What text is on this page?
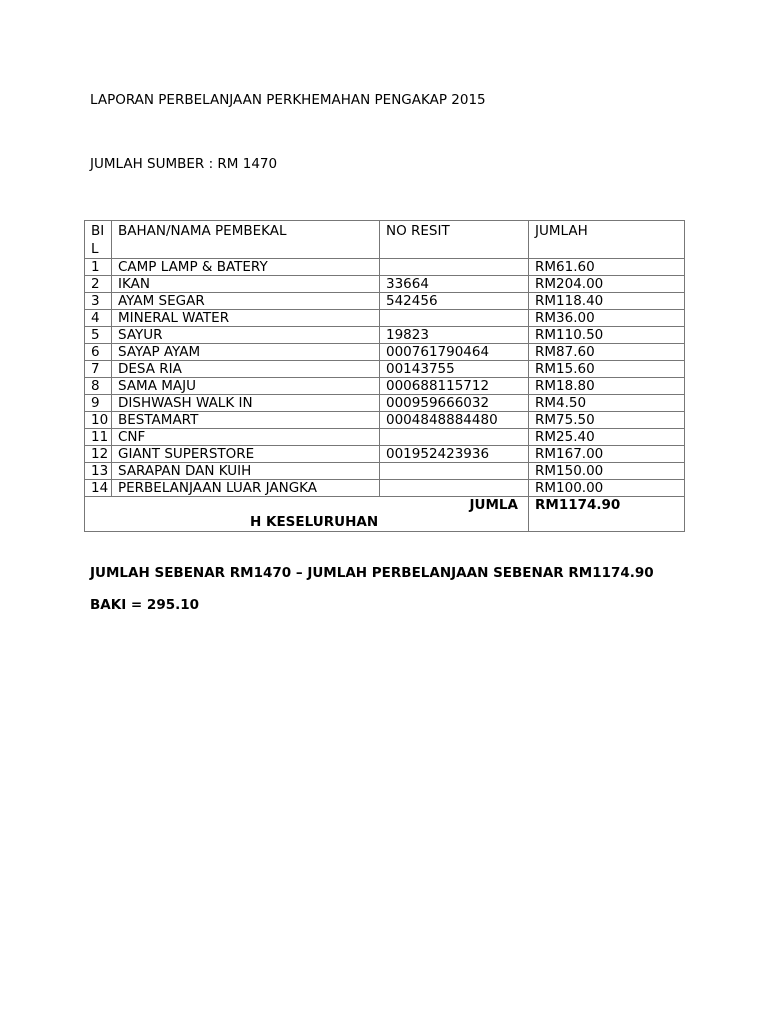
LAPORAN PERBELANJAAN PERKHEMAHAN PENGAKAP 2015
JUMLAH SUMBER : RM 1470
BIL	BAHAN/NAMA PEMBEKAL	NO RESIT	JUMLAH
1	CAMP LAMP & BATERY		RM61.60
2	IKAN	33664	RM204.00
3	AYAM SEGAR	542456	RM118.40
4	MINERAL WATER		RM36.00
5	SAYUR	19823	RM110.50
6	SAYAP AYAM	000761790464	RM87.60
7	DESA RIA	00143755	RM15.60
8	SAMA MAJU	000688115712	RM18.80
9	DISHWASH WALK IN	000959666032	RM4.50
10	BESTAMART	0004848884480	RM75.50
11	CNF		RM25.40
12	GIANT SUPERSTORE	001952423936	RM167.00
13	SARAPAN DAN KUIH		RM150.00
14	PERBELANJAAN LUAR JANGKA		RM100.00

JUMLA
H KESELURUHAN			RM1174.90
JUMLAH SEBENAR RM1470 – JUMLAH PERBELANJAAN SEBENAR RM1174.90
BAKI = 295.10
